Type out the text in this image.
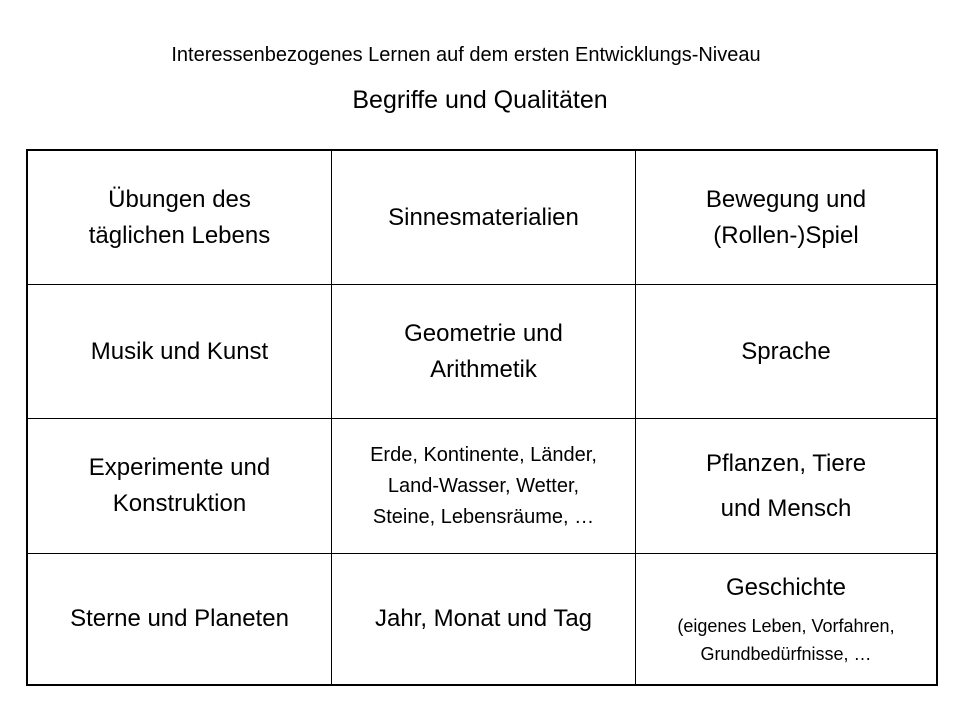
Interessenbezogenes Lernen auf dem ersten Entwicklungs-Niveau
Begriffe und Qualitäten
Übungen des
täglichen Lebens
Sinnesmaterialien
Bewegung und
(Rollen-)Spiel
Musik und Kunst
Geometrie und
Arithmetik
Sprache
Experimente und
Konstruktion
Erde, Kontinente, Länder,
Land-Wasser, Wetter,
Steine, Lebensräume, …
Pflanzen, Tiere
und Mensch
Sterne und Planeten	Jahr, Monat und Tag
Geschichte
(eigenes Leben, Vorfahren,
Grundbedürfnisse, …
